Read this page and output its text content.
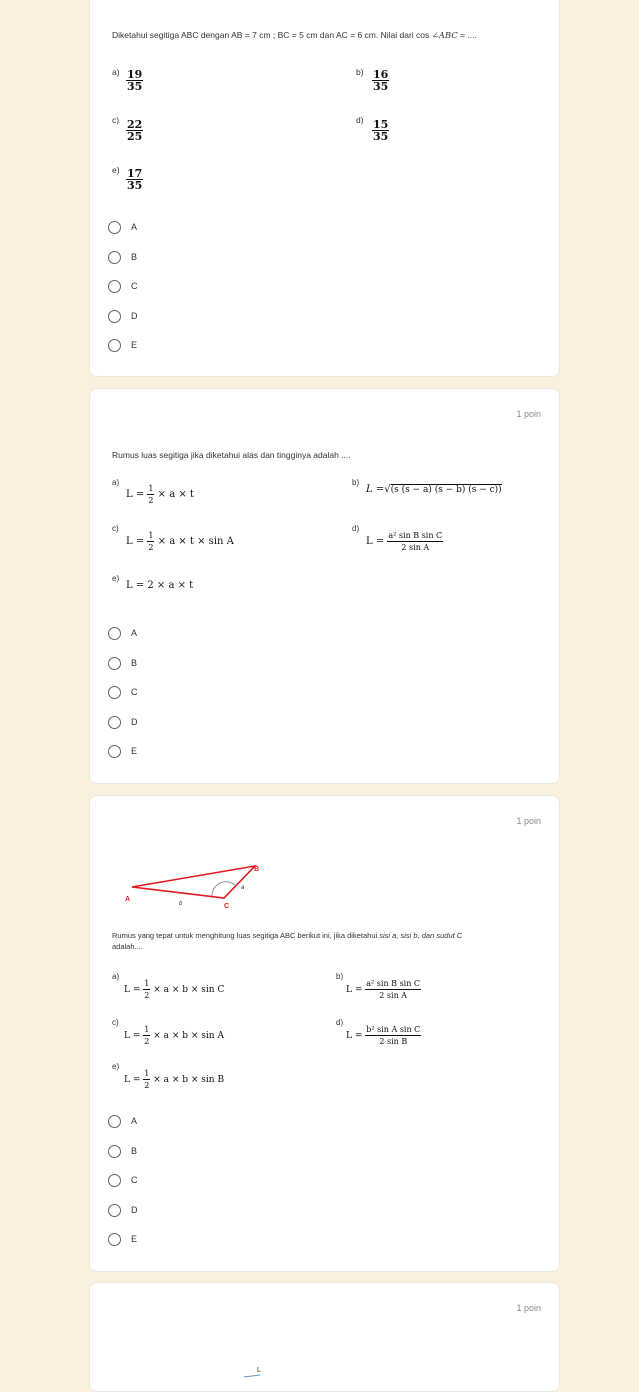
Diketahui segitiga ABC dengan AB = 7 cm ; BC = 5 cm dan AC = 6 cm. Nilai dari cos ∠ABC = ....
$a) \frac{19}{35}$	$b) \frac{16}{35}$
$c) \frac{22}{25}$	$d) \frac{15}{35}$
$e) \frac{17}{35}$
A
B
C
D
E
1 poin
Rumus luas segitiga jika diketahui alas dan tingginya adalah ....
a)
$L = \frac{1}{2} \times a \times t$
b)
L =√(s (s − a) (s − b) (s − c))
c)
$L = \frac{1}{2} \times a \times t \times \sin A$
d)
$L = \frac{\text{a² sin B sin C}}{\text{2 sin A}}$
e)
L = 2 × a × t
A
B
C
D
E
1 poin
A
B
C
a
b
Rumus yang tepat untuk menghitung luas segitiga ABC berikut ini, jika diketahui sisi a, sisi b, dan sudut C
adalah....
a)
$L = \frac{1}{2} \times a \times b \times \sin C$
b)
$L = \frac{\text{a² sin B sin C}}{\text{2 sin A}}$
c)
$L = \frac{1}{2} \times a \times b \times \sin A$
d)
$L = \frac{\text{b² sin A sin C}}{\text{2 sin B}}$
e)
$L = \frac{1}{2} \times a \times b \times \sin B$
A
B
C
D
E
1 poin
L
